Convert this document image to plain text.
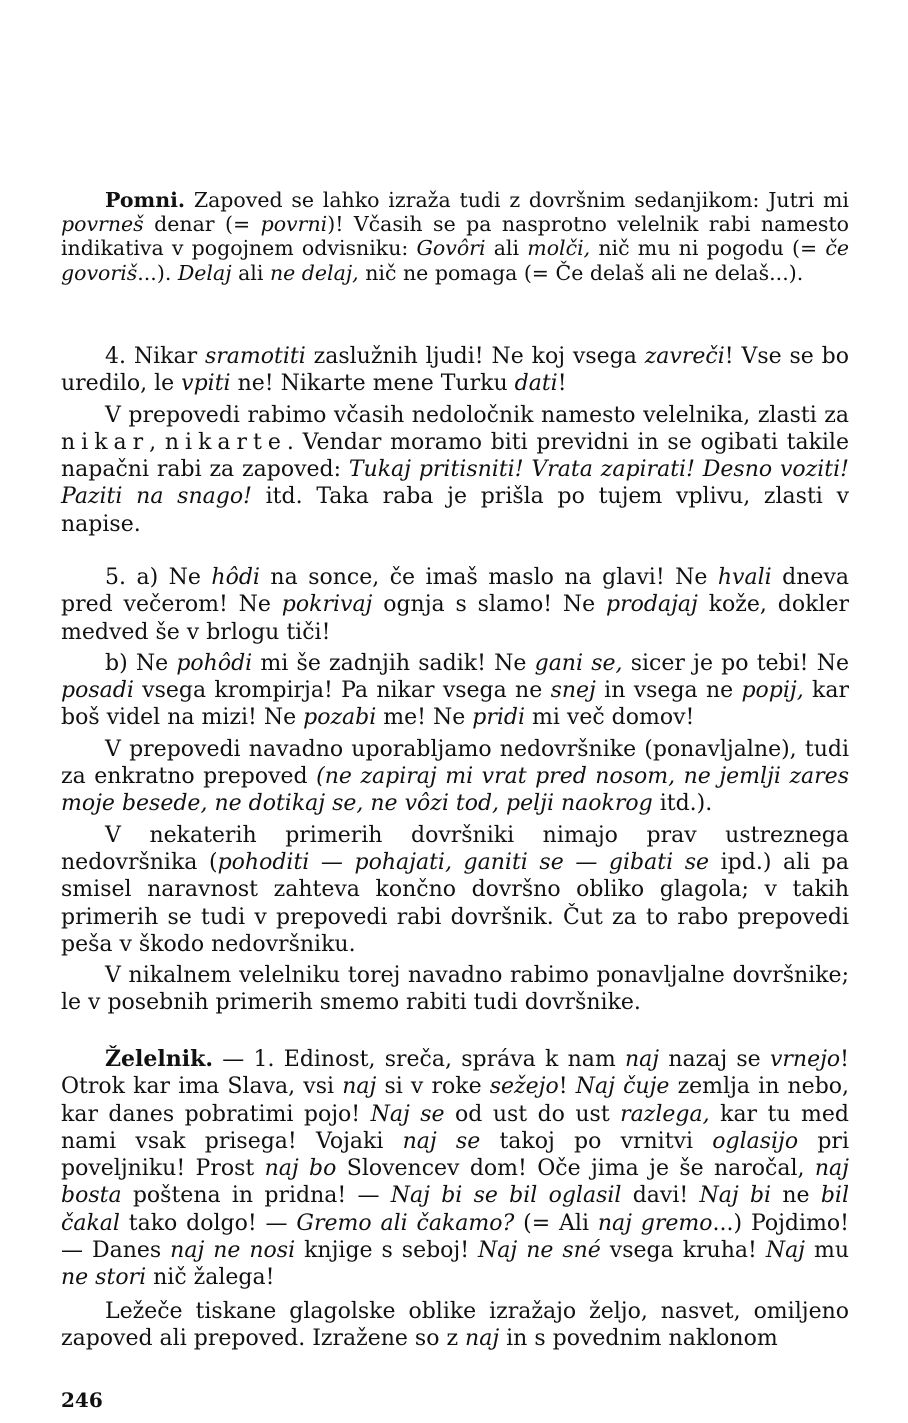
Pomni. Zapoved se lahko izraža tudi z dovršnim sedanjikom: Jutri mi povrneš denar (= povrni)! Včasih se pa nasprotno velelnik rabi namesto indikativa v pogojnem odvisniku: Govôri ali molči, nič mu ni pogodu (= če govoriš...). Delaj ali ne delaj, nič ne pomaga (= Če delaš ali ne delaš...).

4. Nikar sramotiti zaslužnih ljudi! Ne koj vsega zavreči! Vse se bo uredilo, le vpiti ne! Nikarte mene Turku dati!

V prepovedi rabimo včasih nedoločnik namesto velelnika, zlasti za nikar, nikarte. Vendar moramo biti previdni in se ogibati takile napačni rabi za zapoved: Tukaj pritisniti! Vrata zapirati! Desno voziti! Paziti na snago! itd. Taka raba je prišla po tujem vplivu, zlasti v napise.

5. a) Ne hôdi na sonce, če imaš maslo na glavi! Ne hvali dneva pred večerom! Ne pokrivaj ognja s slamo! Ne prodajaj kože, dokler medved še v brlogu tiči!

b) Ne pohôdi mi še zadnjih sadik! Ne gani se, sicer je po tebi! Ne posadi vsega krompirja! Pa nikar vsega ne snej in vsega ne popij, kar boš videl na mizi! Ne pozabi me! Ne pridi mi več domov!

V prepovedi navadno uporabljamo nedovršnike (ponavljalne), tudi za enkratno prepoved (ne zapiraj mi vrat pred nosom, ne jemlji zares moje besede, ne dotikaj se, ne vôzi tod, pelji naokrog itd.).

V nekaterih primerih dovršniki nimajo prav ustreznega nedovršnika (pohoditi — pohajati, ganiti se — gibati se ipd.) ali pa smisel naravnost zahteva končno dovršno obliko glagola; v takih primerih se tudi v prepovedi rabi dovršnik. Čut za to rabo prepovedi peša v škodo nedovršniku.

V nikalnem velelniku torej navadno rabimo ponavljalne dovršnike; le v posebnih primerih smemo rabiti tudi dovršnike.

Želelnik. — 1. Edinost, sreča, správa k nam naj nazaj se vrnejo! Otrok kar ima Slava, vsi naj si v roke sežejo! Naj čuje zemlja in nebo, kar danes pobratimi pojo! Naj se od ust do ust razlega, kar tu med nami vsak prisega! Vojaki naj se takoj po vrnitvi oglasijo pri poveljniku! Prost naj bo Slovencev dom! Oče jima je še naročal, naj bosta poštena in pridna! — Naj bi se bil oglasil davi! Naj bi ne bil čakal tako dolgo! — Gremo ali čakamo? (= Ali naj gremo...) Pojdimo! — Danes naj ne nosi knjige s seboj! Naj ne sné vsega kruha! Naj mu ne stori nič žalega!

Ležeče tiskane glagolske oblike izražajo željo, nasvet, omiljeno zapoved ali prepoved. Izražene so z naj in s povednim naklonom

246
